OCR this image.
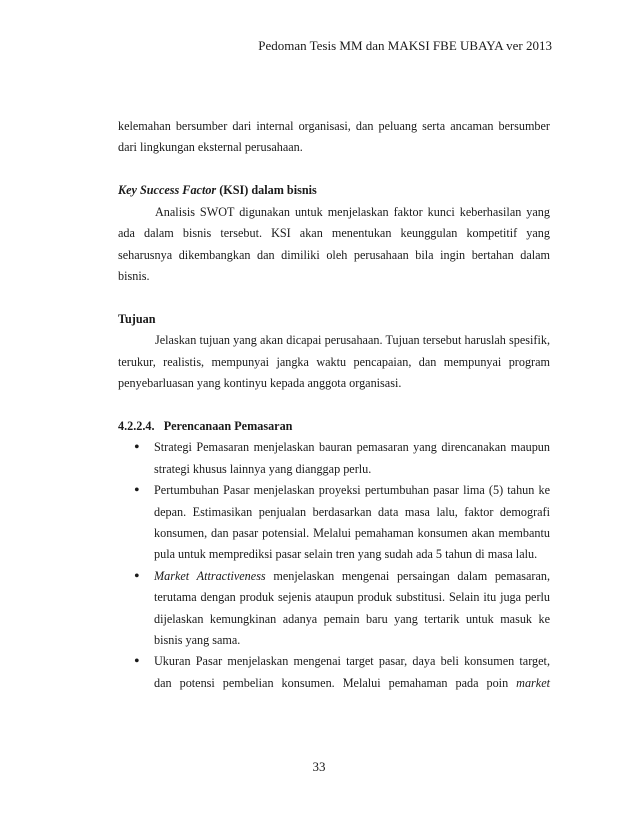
Pedoman Tesis MM dan MAKSI FBE UBAYA ver 2013

kelemahan bersumber dari internal organisasi, dan peluang serta ancaman bersumber dari lingkungan eksternal perusahaan.

Key Success Factor (KSI) dalam bisnis

Analisis SWOT digunakan untuk menjelaskan faktor kunci keberhasilan yang ada dalam bisnis tersebut. KSI akan menentukan keunggulan kompetitif yang seharusnya dikembangkan dan dimiliki oleh perusahaan bila ingin bertahan dalam bisnis.

Tujuan

Jelaskan tujuan yang akan dicapai perusahaan. Tujuan tersebut haruslah spesifik, terukur, realistis, mempunyai jangka waktu pencapaian, dan mempunyai program penyebarluasan yang kontinyu kepada anggota organisasi.

4.2.2.4.   Perencanaan Pemasaran

• Strategi Pemasaran menjelaskan bauran pemasaran yang direncanakan maupun strategi khusus lainnya yang dianggap perlu.
• Pertumbuhan Pasar menjelaskan proyeksi pertumbuhan pasar lima (5) tahun ke depan. Estimasikan penjualan berdasarkan data masa lalu, faktor demografi konsumen, dan pasar potensial. Melalui pemahaman konsumen akan membantu pula untuk memprediksi pasar selain tren yang sudah ada 5 tahun di masa lalu.
• Market Attractiveness menjelaskan mengenai persaingan dalam pemasaran, terutama dengan produk sejenis ataupun produk substitusi. Selain itu juga perlu dijelaskan kemungkinan adanya pemain baru yang tertarik untuk masuk ke bisnis yang sama.
• Ukuran Pasar menjelaskan mengenai target pasar, daya beli konsumen target, dan potensi pembelian konsumen. Melalui pemahaman pada poin market
33
